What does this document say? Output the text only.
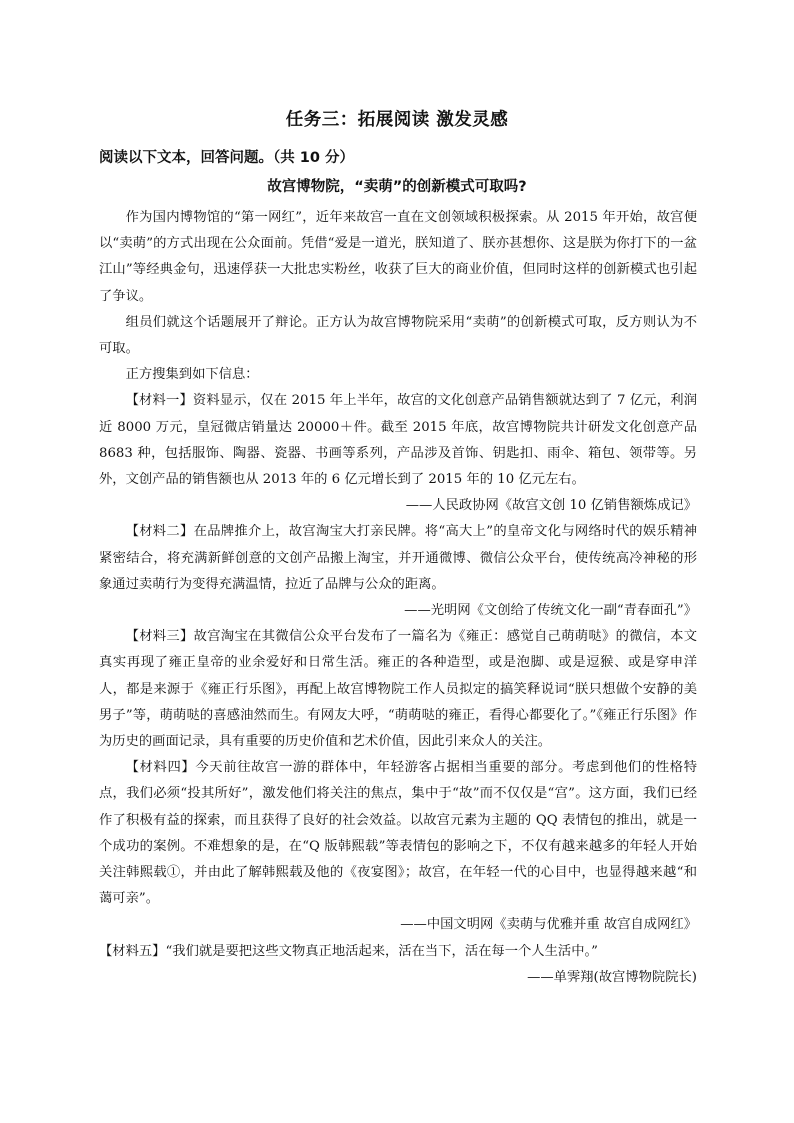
任务三：拓展阅读 激发灵感
阅读以下文本，回答问题。（共 10 分）
故宫博物院，“卖萌”的创新模式可取吗?

作为国内博物馆的“第一网红”，近年来故宫一直在文创领域积极探索。从 2015 年开始，故宫便以“卖萌”的方式出现在公众面前。凭借“爱是一道光，朕知道了、朕亦甚想你、这是朕为你打下的一盆江山”等经典金句，迅速俘获一大批忠实粉丝，收获了巨大的商业价值，但同时这样的创新模式也引起了争议。

组员们就这个话题展开了辩论。正方认为故宫博物院采用“卖萌”的创新模式可取，反方则认为不可取。

正方搜集到如下信息：

【材料一】资料显示，仅在 2015 年上半年，故宫的文化创意产品销售额就达到了 7 亿元，利润近 8000 万元，皇冠微店销量达 20000＋件。截至 2015 年底，故宫博物院共计研发文化创意产品 8683 种，包括服饰、陶器、瓷器、书画等系列，产品涉及首饰、钥匙扣、雨伞、箱包、领带等。另外，文创产品的销售额也从 2013 年的 6 亿元增长到了 2015 年的 10 亿元左右。

——人民政协网《故宫文创 10 亿销售额炼成记》

【材料二】在品牌推介上，故宫淘宝大打亲民牌。将“高大上”的皇帝文化与网络时代的娱乐精神紧密结合，将充满新鲜创意的文创产品搬上淘宝，并开通微博、微信公众平台，使传统高冷神秘的形象通过卖萌行为变得充满温情，拉近了品牌与公众的距离。

——光明网《文创给了传统文化一副“青春面孔”》

【材料三】故宫淘宝在其微信公众平台发布了一篇名为《雍正：感觉自己萌萌哒》的微信，本文真实再现了雍正皇帝的业余爱好和日常生活。雍正的各种造型，或是泡脚、或是逗猴、或是穿申洋人，都是来源于《雍正行乐图》，再配上故宫博物院工作人员拟定的搞笑释说词“朕只想做个安静的美男子”等，萌萌哒的喜感油然而生。有网友大呼，“萌萌哒的雍正，看得心都要化了。”《雍正行乐图》作为历史的画面记录，具有重要的历史价值和艺术价值，因此引来众人的关注。

【材料四】今天前往故宫一游的群体中，年轻游客占据相当重要的部分。考虑到他们的性格特点，我们必须“投其所好”，激发他们将关注的焦点，集中于“故”而不仅仅是“宫”。这方面，我们已经作了积极有益的探索，而且获得了良好的社会效益。以故宫元素为主题的 QQ 表情包的推出，就是一个成功的案例。不难想象的是，在“Q 版韩熙载”等表情包的影响之下，不仅有越来越多的年轻人开始关注韩熙载①，并由此了解韩熙载及他的《夜宴图》；故宫，在年轻一代的心目中，也显得越来越“和蔼可亲”。

——中国文明网《卖萌与优雅并重 故宫自成网红》

【材料五】“我们就是要把这些文物真正地活起来，活在当下，活在每一个人生活中。”

——单霁翔(故宫博物院院长)
